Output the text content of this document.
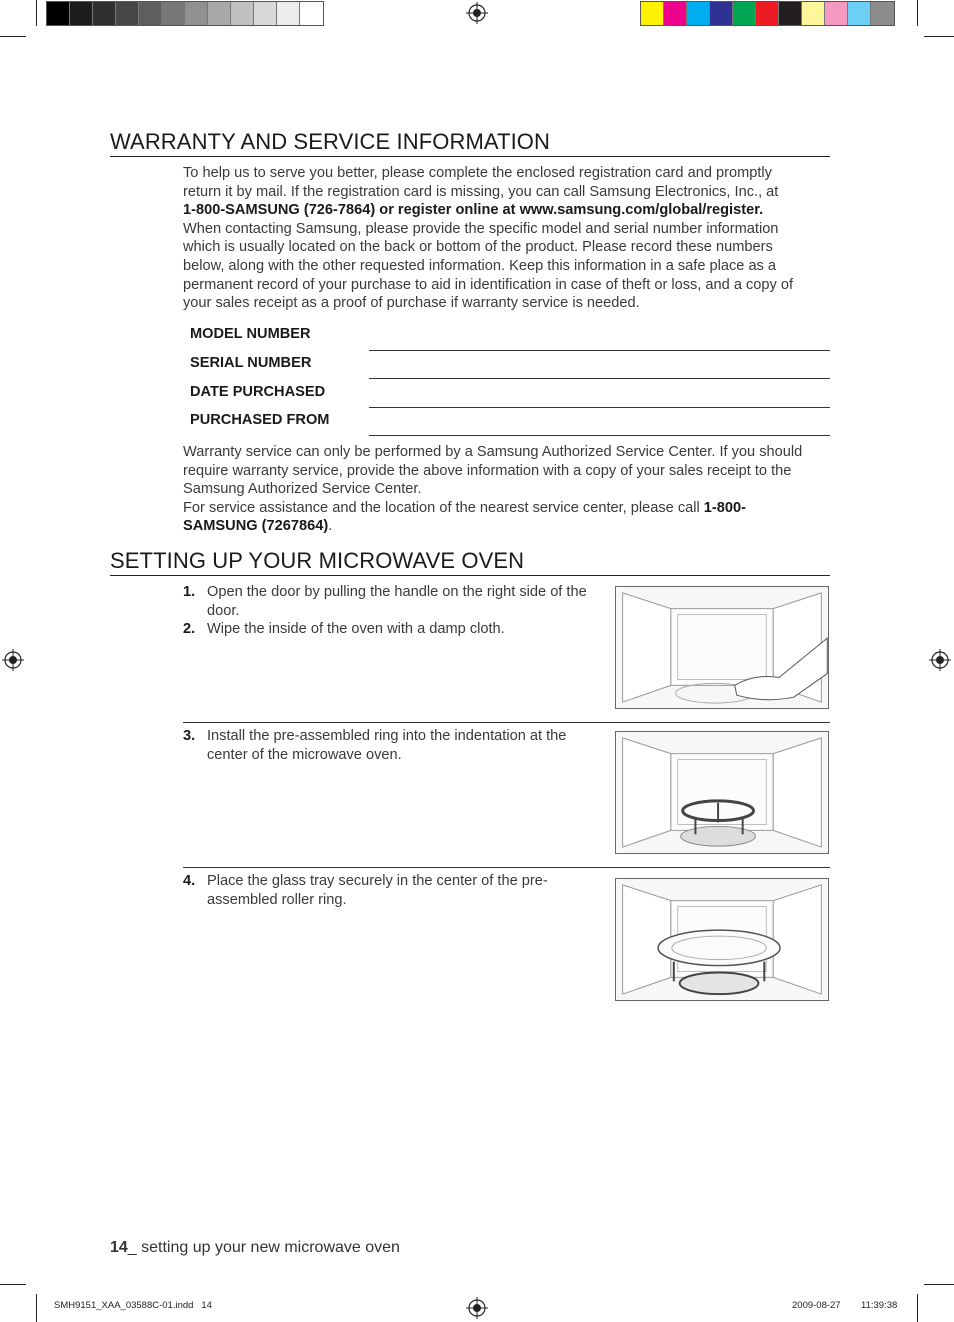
WARRANTY AND SERVICE INFORMATION
To help us to serve you better, please complete the enclosed registration card and promptly
return it by mail. If the registration card is missing, you can call Samsung Electronics, Inc., at
1-800-SAMSUNG (726-7864) or register online at www.samsung.com/global/register.
When contacting Samsung, please provide the specific model and serial number information
which is usually located on the back or bottom of the product. Please record these numbers
below, along with the other requested information. Keep this information in a safe place as a
permanent record of your purchase to aid in identification in case of theft or loss, and a copy of
your sales receipt as a proof of purchase if warranty service is needed.
MODEL NUMBER
SERIAL NUMBER
DATE PURCHASED
PURCHASED FROM
Warranty service can only be performed by a Samsung Authorized Service Center. If you should
require warranty service, provide the above information with a copy of your sales receipt to the
Samsung Authorized Service Center.
For service assistance and the location of the nearest service center, please call 1-800-
SAMSUNG (7267864).
SETTING UP YOUR MICROWAVE OVEN
1. Open the door by pulling the handle on the right side of the door.
2. Wipe the inside of the oven with a damp cloth.
3. Install the pre-assembled ring into the indentation at the center of the microwave oven.
4. Place the glass tray securely in the center of the pre-assembled roller ring.
14_ setting up your new microwave oven
SMH9151_XAA_03588C-01.indd   14	2009-08-27 11:39:38
